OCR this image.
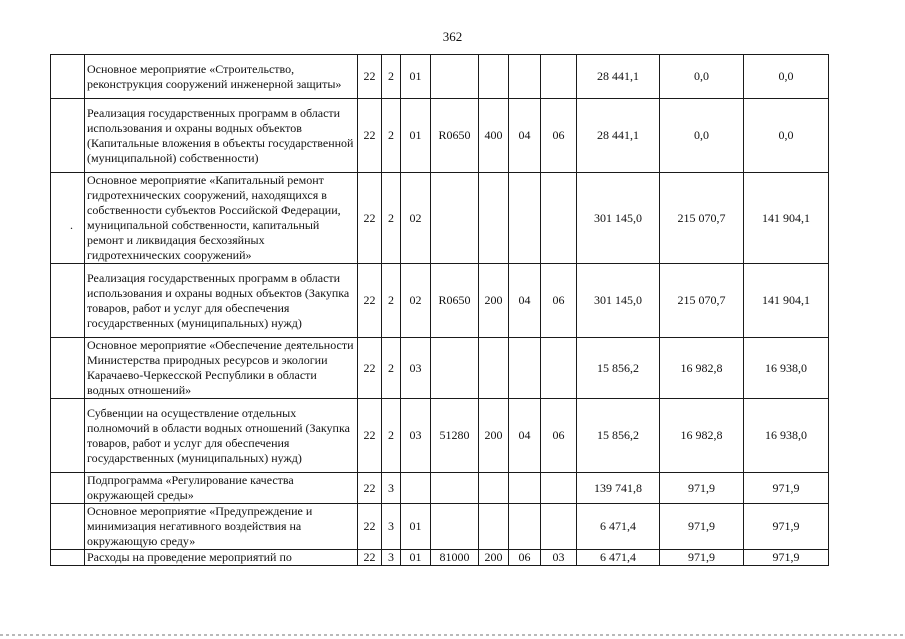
362
	Основное мероприятие «Строительство, реконструкция сооружений инженерной защиты»	22	2	01					28 441,1	0,0	0,0

	Реализация государственных программ в области использования и охраны водных объектов (Капитальные вложения в объекты государственной (муниципальной) собственности)	22	2	01	R0650	400	04	06	28 441,1	0,0	0,0

.	Основное мероприятие «Капитальный ремонт гидротехнических сооружений, находящихся в собственности субъектов Российской Федерации, муниципальной собственности, капитальный ремонт и ликвидация бесхозяйных гидротехнических сооружений»	22	2	02					301 145,0	215 070,7	141 904,1

	Реализация государственных программ в области использования и охраны водных объектов (Закупка товаров, работ и услуг для обеспечения государственных (муниципальных) нужд)	22	2	02	R0650	200	04	06	301 145,0	215 070,7	141 904,1

	Основное мероприятие «Обеспечение деятельности Министерства природных ресурсов и экологии Карачаево-Черкесской Республики в области водных отношений»	22	2	03					15 856,2	16 982,8	16 938,0

	Субвенции на осуществление отдельных полномочий в области водных отношений (Закупка товаров, работ и услуг для обеспечения государственных (муниципальных) нужд)	22	2	03	51280	200	04	06	15 856,2	16 982,8	16 938,0

	Подпрограмма «Регулирование качества окружающей среды»	22	3						139 741,8	971,9	971,9

	Основное мероприятие «Предупреждение и минимизация негативного воздействия на окружающую среду»	22	3	01					6 471,4	971,9	971,9

	Расходы на проведение мероприятий по	22	3	01	81000	200	06	03	6 471,4	971,9	971,9
